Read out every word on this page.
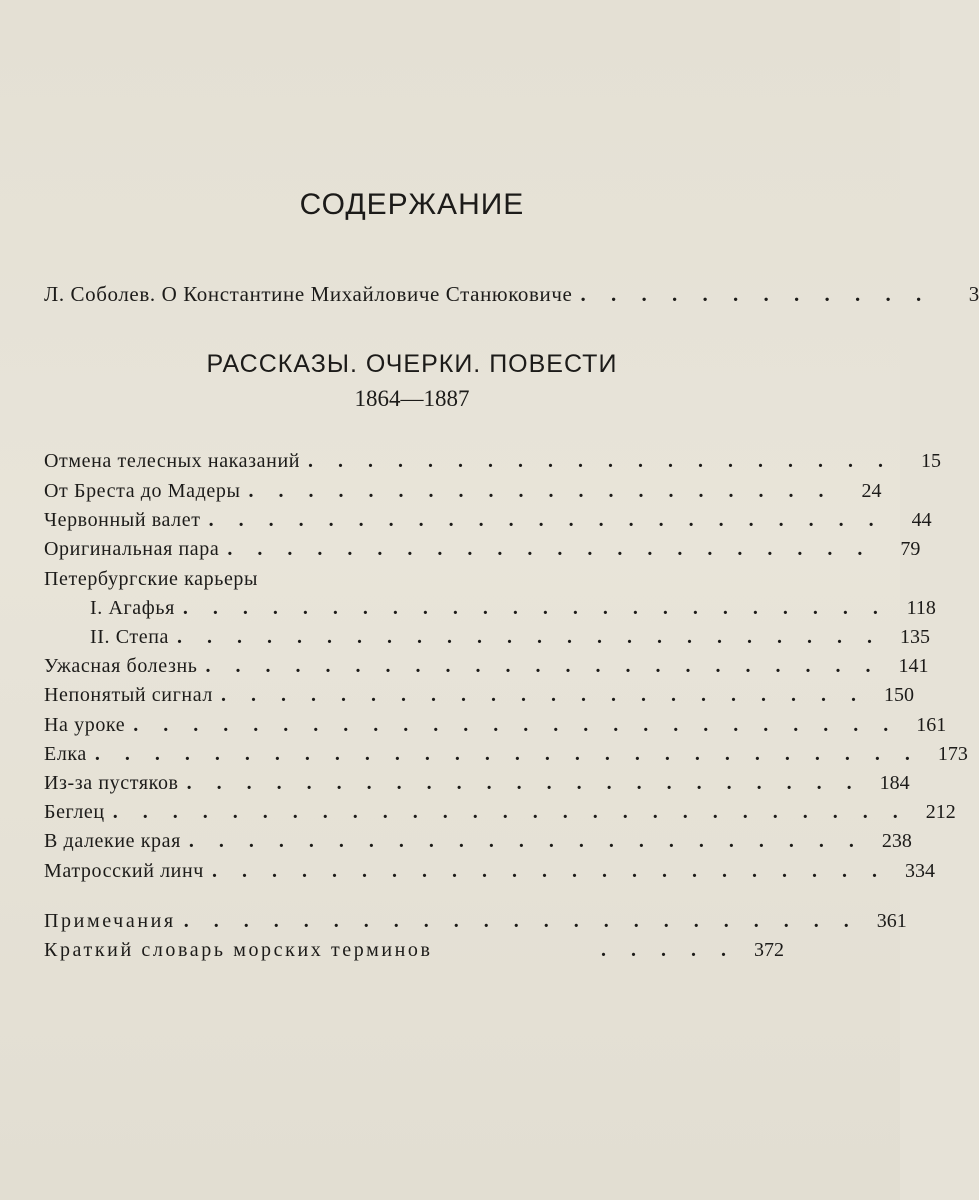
СОДЕРЖАНИЕ
Л. Соболев. О Константине Михайловиче Станюковиче . . . . . . . . . . . .	3
РАССКАЗЫ. ОЧЕРКИ. ПОВЕСТИ
1864—1887
Отмена телесных наказаний . . . . . . . . . . . . . . . . . . . .	15
От Бреста до Мадеры . . . . . . . . . . . . . . . . . . . .	24
Червонный валет . . . . . . . . . . . . . . . . . . . . . . .	44
Оригинальная пара . . . . . . . . . . . . . . . . . . . . . .	79
Петербургские карьеры
I. Агафья . . . . . . . . . . . . . . . . . . . . . . . . 118
II. Степа . . . . . . . . . . . . . . . . . . . . . . . . 135
Ужасная болезнь . . . . . . . . . . . . . . . . . . . . . . . 141
Непонятый сигнал . . . . . . . . . . . . . . . . . . . . . . 150
На уроке . . . . . . . . . . . . . . . . . . . . . . . . . . 161
Елка . . . . . . . . . . . . . . . . . . . . . . . . . . . . 173
Из-за пустяков . . . . . . . . . . . . . . . . . . . . . . . 184
Беглец . . . . . . . . . . . . . . . . . . . . . . . . . . . 212
В далекие края . . . . . . . . . . . . . . . . . . . . . . . 238
Матросский линч . . . . . . . . . . . . . . . . . . . . . . . 334
Примечания . . . . . . . . . . . . . . . . . . . . . . . 361
Краткий словарь морских терминов	. . . . . 372
